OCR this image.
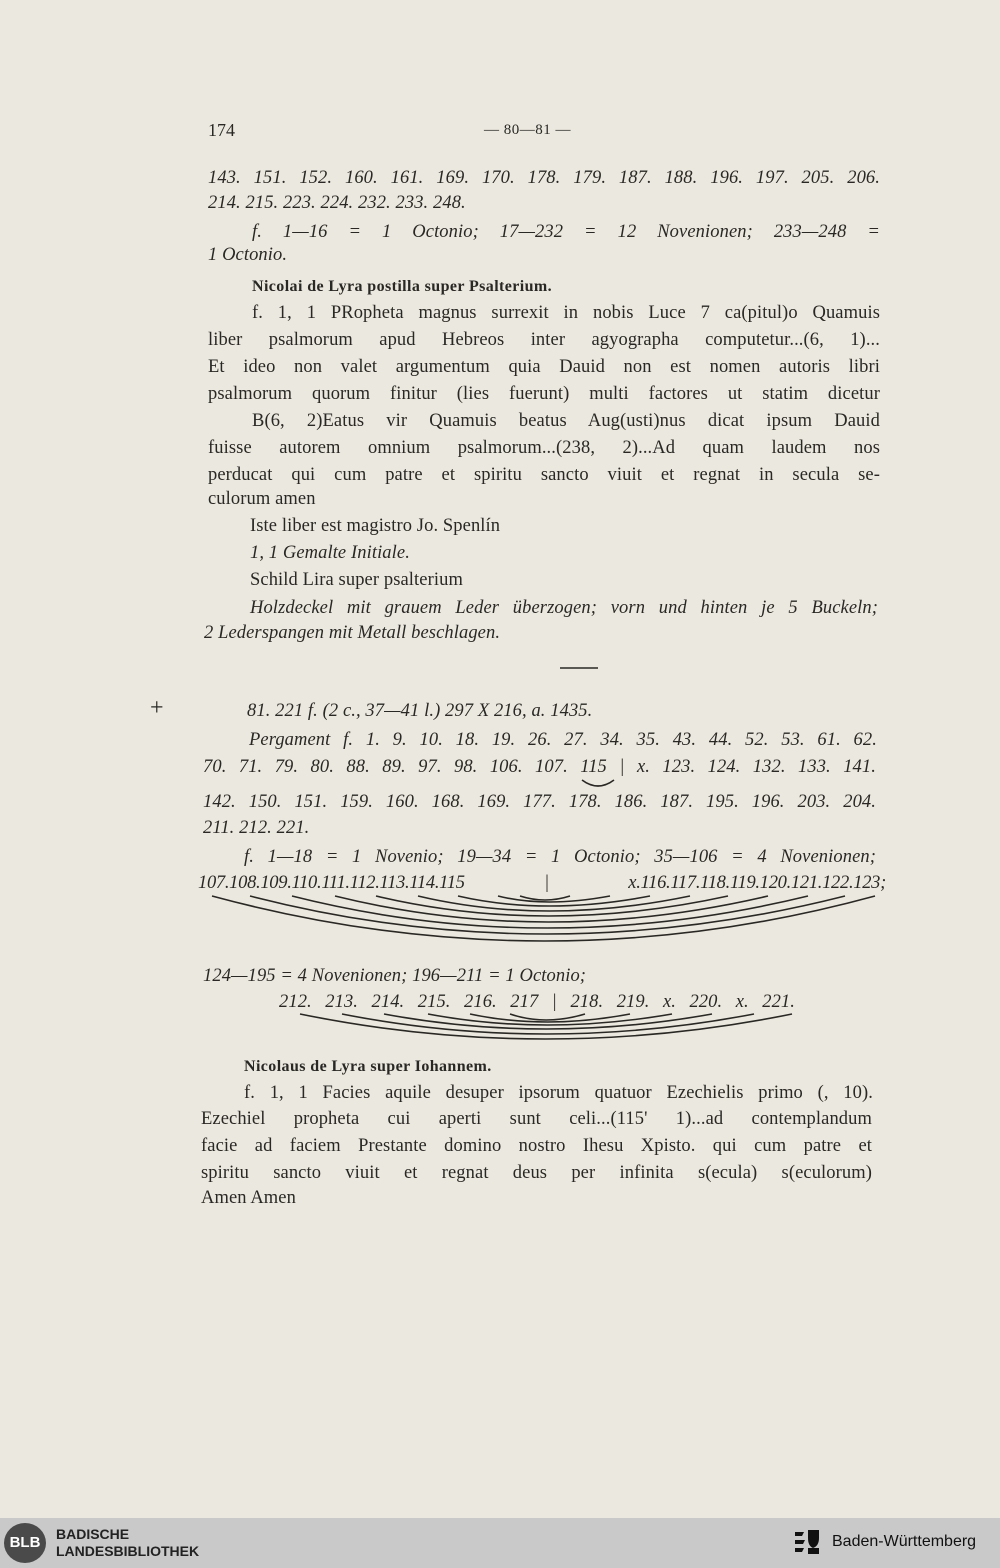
174	— 80—81 —
+
143. 151. 152. 160. 161. 169. 170. 178. 179. 187. 188. 196. 197. 205. 206.
214. 215. 223. 224. 232. 233. 248.
f. 1—16 = 1 Octonio; 17—232 = 12 Novenionen; 233—248 =
1 Octonio.
Nicolai de Lyra postilla super Psalterium.
f. 1, 1 PRopheta magnus surrexit in nobis Luce 7 ca(pitul)o Quamuis
liber psalmorum apud Hebreos inter agyographa computetur...(6, 1)...
Et ideo non valet argumentum quia Dauid non est nomen autoris libri
psalmorum quorum finitur (lies fuerunt) multi factores ut statim dicetur
B(6, 2)Eatus vir Quamuis beatus Aug(usti)nus dicat ipsum Dauid
fuisse autorem omnium psalmorum...(238, 2)...Ad quam laudem nos
perducat qui cum patre et spiritu sancto viuit et regnat in secula se-
culorum amen
Iste liber est magistro Jo. Spenlín
1, 1 Gemalte Initiale.
Schild Lira super psalterium
Holzdeckel mit grauem Leder überzogen; vorn und hinten je 5 Buckeln;
2 Lederspangen mit Metall beschlagen.
81. 221 f. (2 c., 37—41 l.) 297 X 216, a. 1435.
Pergament f. 1. 9. 10. 18. 19. 26. 27. 34. 35. 43. 44. 52. 53. 61. 62.
70. 71. 79. 80. 88. 89. 97. 98. 106. 107. 115 | x. 123. 124. 132. 133. 141.
142. 150. 151. 159. 160. 168. 169. 177. 178. 186. 187. 195. 196. 203. 204.
211. 212. 221.
f. 1—18 = 1 Novenio; 19—34 = 1 Octonio; 35—106 = 4 Novenionen;
107.108.109.110.111.112.113.114.115 | x.116.117.118.119.120.121.122.123;
124—195 = 4 Novenionen; 196—211 = 1 Octonio;
212. 213. 214. 215. 216. 217 | 218. 219. x. 220. x. 221.
Nicolaus de Lyra super Iohannem.
f. 1, 1 Facies aquile desuper ipsorum quatuor Ezechielis primo (, 10).
Ezechiel propheta cui aperti sunt celi...(115' 1)...ad contemplandum
facie ad faciem Prestante domino nostro Ihesu Xpisto. qui cum patre et
spiritu sancto viuit et regnat deus per infinita s(ecula) s(eculorum)
Amen Amen
BLB	BADISCHE
LANDESBIBLIOTHEK
Baden-Württemberg
